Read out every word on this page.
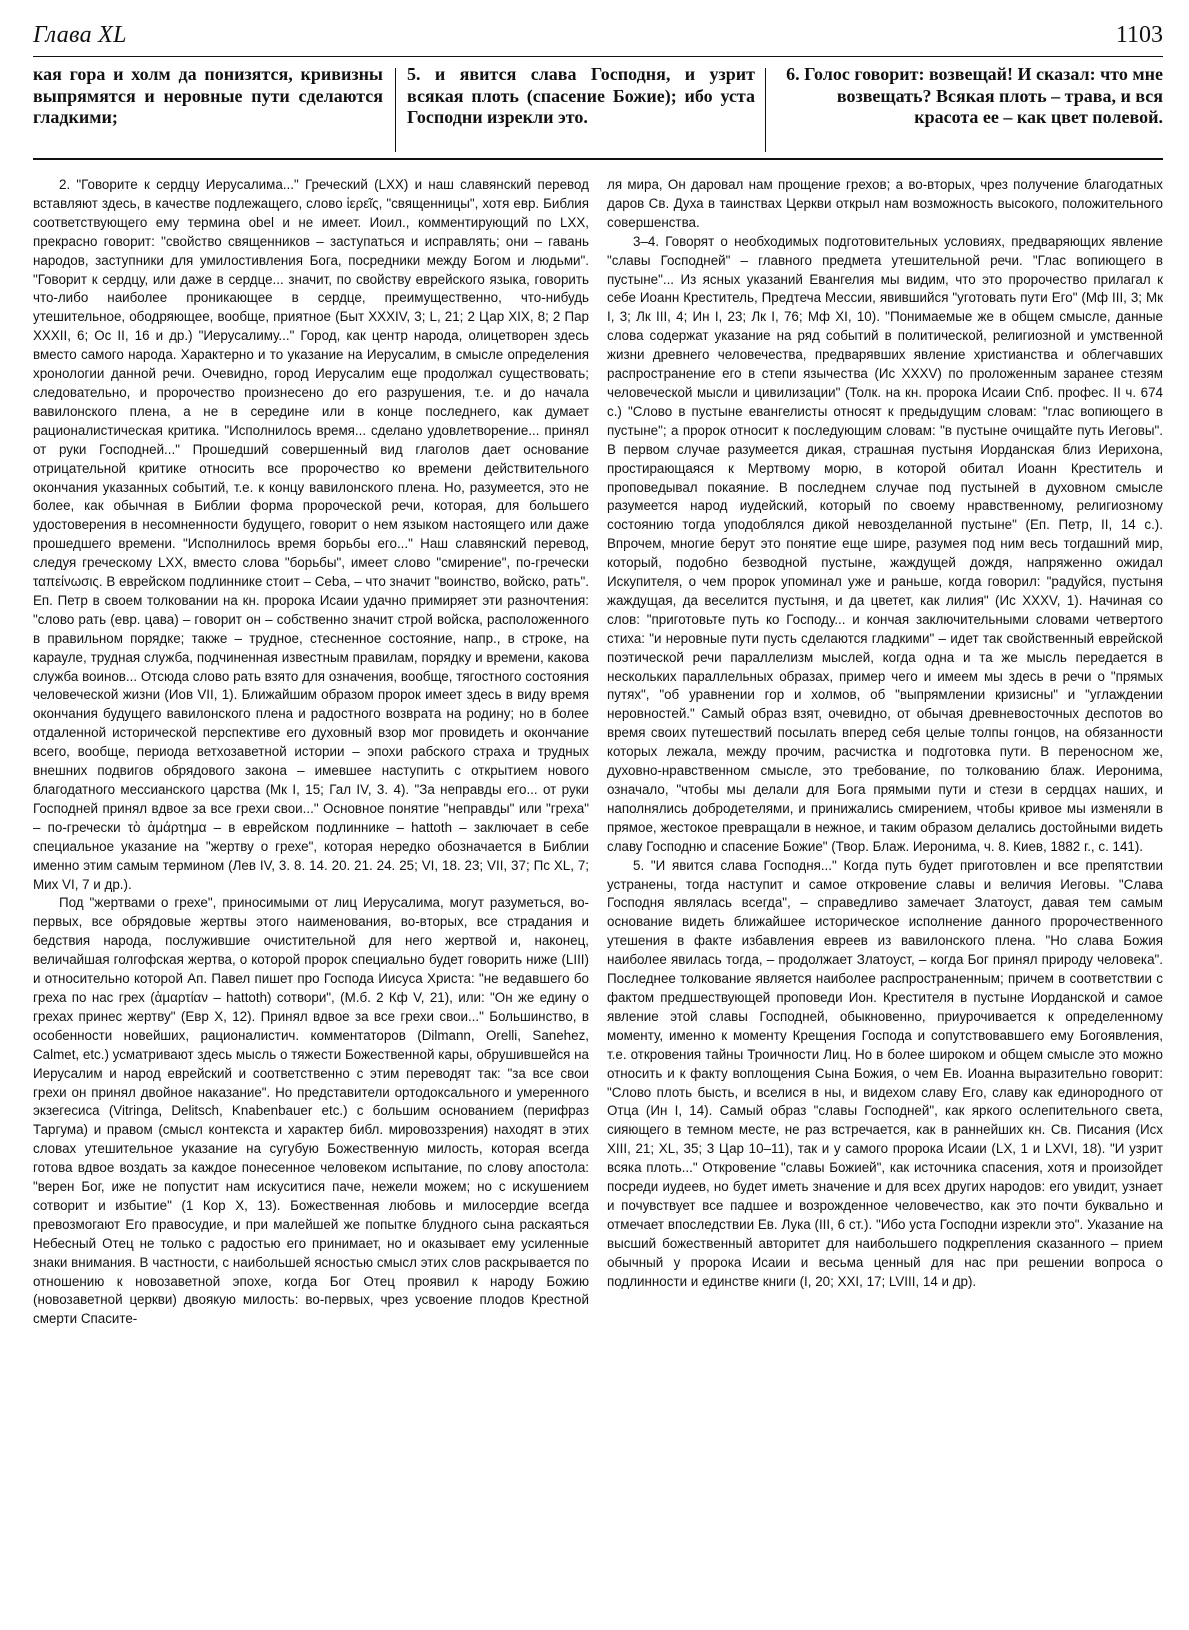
Глава XL	1103
кая гора и холм да понизятся, кривизны выпрямятся и неровные пути сделаются гладкими;
5. и явится слава Господня, и узрит всякая плоть (спасение Божие); ибо уста Господни изрекли это.
6. Голос говорит: возвещай! И сказал: что мне возвещать? Всякая плоть – трава, и вся красота ее – как цвет полевой.

2. "Говорите к сердцу Иерусалима..." Греческий (LXX) и наш славянский перевод вставляют здесь, в качестве подлежащего, слово ἱερεῖς, "священницы", хотя евр. Библия соответствующего ему термина obel и не имеет. Иоил., комментирующий по LXX, прекрасно говорит: "свойство священников – заступаться и исправлять; они – гавань народов, заступники для умилостивления Бога, посредники между Богом и людьми". "Говорит к сердцу, или даже в сердце... значит, по свойству еврейского языка, говорить что-либо наиболее проникающее в сердце, преимущественно, что-нибудь утешительное, ободряющее, вообще, приятное (Быт XXXIV, 3; L, 21; 2 Цар XIX, 8; 2 Пар XXXII, 6; Ос II, 16 и др.) "Иерусалиму..." Город, как центр народа, олицетворен здесь вместо самого народа. Характерно и то указание на Иерусалим, в смысле определения хронологии данной речи. Очевидно, город Иерусалим еще продолжал существовать; следовательно, и пророчество произнесено до его разрушения, т.е. и до начала вавилонского плена, а не в середине или в конце последнего, как думает рационалистическая критика. "Исполнилось время... сделано удовлетворение... принял от руки Господней..." Прошедший совершенный вид глаголов дает основание отрицательной критике относить все пророчество ко времени действительного окончания указанных событий, т.е. к концу вавилонского плена. Но, разумеется, это не более, как обычная в Библии форма пророческой речи, которая, для большего удостоверения в несомненности будущего, говорит о нем языком настоящего или даже прошедшего времени. "Исполнилось время борьбы его..." Наш славянский перевод, следуя греческому LXX, вместо слова "борьбы", имеет слово "смирение", по-гречески ταπείνωσις. В еврейском подлиннике стоит – Ceba, – что значит "воинство, войско, рать". Еп. Петр в своем толковании на кн. пророка Исаии удачно примиряет эти разночтения: "слово рать (евр. цава) – говорит он – собственно значит строй войска, расположенного в правильном порядке; также – трудное, стесненное состояние, напр., в строке, на карауле, трудная служба, подчиненная известным правилам, порядку и времени, какова служба воинов... Отсюда слово рать взято для означения, вообще, тягостного состояния человеческой жизни (Иов VII, 1). Ближайшим образом пророк имеет здесь в виду время окончания будущего вавилонского плена и радостного возврата на родину; но в более отдаленной исторической перспективе его духовный взор мог провидеть и окончание всего, вообще, периода ветхозаветной истории – эпохи рабского страха и трудных внешних подвигов обрядового закона – имевшее наступить с открытием нового благодатного мессианского царства (Мк I, 15; Гал IV, 3. 4). "За неправды его... от руки Господней принял вдвое за все грехи свои..." Основное понятие "неправды" или "греха" – по-гречески τὸ ἁμάρτημα – в еврейском подлиннике – hattoth – заключает в себе специальное указание на "жертву о грехе", которая нередко обозначается в Библии именно этим самым термином (Лев IV, 3. 8. 14. 20. 21. 24. 25; VI, 18. 23; VII, 37; Пс XL, 7; Мих VI, 7 и др.).

Под "жертвами о грехе", приносимыми от лиц Иерусалима, могут разуметься, во-первых, все обрядовые жертвы этого наименования, во-вторых, все страдания и бедствия народа, послужившие очистительной для него жертвой и, наконец, величайшая голгофская жертва, о которой пророк специально будет говорить ниже (LIII) и относительно которой Ап. Павел пишет про Господа Иисуса Христа: "не ведавшего бо греха по нас грех (ἁμαρτίαν – hattoth) сотвори", (М.б. 2 Кф V, 21), или: "Он же едину о грехах принес жертву" (Евр X, 12). Принял вдвое за все грехи свои..." Большинство, в особенности новейших, рационалистич. комментаторов (Dilmann, Orelli, Sanehez, Calmet, etc.) усматривают здесь мысль о тяжести Божественной кары, обрушившейся на Иерусалим и народ еврейский и соответственно с этим переводят так: "за все свои грехи он принял двойное наказание". Но представители ортодоксального и умеренного экзегесиса (Vitringa, Delitsch, Knabenbauer etc.) с большим основанием (перифраз Таргума) и правом (смысл контекста и характер библ. мировоззрения) находят в этих словах утешительное указание на сугубую Божественную милость, которая всегда готова вдвое воздать за каждое понесенное человеком испытание, по слову апостола: "верен Бог, иже не попустит нам искуситися паче, нежели можем; но с искушением сотворит и избытие" (1 Кор X, 13). Божественная любовь и милосердие всегда превозмогают Его правосудие, и при малейшей же попытке блудного сына раскаяться Небесный Отец не только с радостью его принимает, но и оказывает ему усиленные знаки внимания. В частности, с наибольшей ясностью смысл этих слов раскрывается по отношению к новозаветной эпохе, когда Бог Отец проявил к народу Божию (новозаветной церкви) двоякую милость: во-первых, чрез усвоение плодов Крестной смерти Спасите-

ля мира, Он даровал нам прощение грехов; а во-вторых, чрез получение благодатных даров Св. Духа в таинствах Церкви открыл нам возможность высокого, положительного совершенства.

3–4. Говорят о необходимых подготовительных условиях, предваряющих явление "славы Господней" – главного предмета утешительной речи. "Глас вопиющего в пустыне"... Из ясных указаний Евангелия мы видим, что это пророчество прилагал к себе Иоанн Креститель, Предтеча Мессии, явившийся "уготовать пути Его" (Мф III, 3; Мк I, 3; Лк III, 4; Ин I, 23; Лк I, 76; Мф XI, 10). "Понимаемые же в общем смысле, данные слова содержат указание на ряд событий в политической, религиозной и умственной жизни древнего человечества, предварявших явление христианства и облегчавших распространение его в степи язычества (Ис XXXV) по проложенным заранее стезям человеческой мысли и цивилизации" (Толк. на кн. пророка Исаии Спб. профес. II ч. 674 с.) "Слово в пустыне евангелисты относят к предыдущим словам: "глас вопиющего в пустыне"; а пророк относит к последующим словам: "в пустыне очищайте путь Иеговы". В первом случае разумеется дикая, страшная пустыня Иорданская близ Иерихона, простирающаяся к Мертвому морю, в которой обитал Иоанн Креститель и проповедывал покаяние. В последнем случае под пустыней в духовном смысле разумеется народ иудейский, который по своему нравственному, религиозному состоянию тогда уподоблялся дикой невозделанной пустыне" (Еп. Петр, II, 14 с.). Впрочем, многие берут это понятие еще шире, разумея под ним весь тогдашний мир, который, подобно безводной пустыне, жаждущей дождя, напряженно ожидал Искупителя, о чем пророк упоминал уже и раньше, когда говорил: "радуйся, пустыня жаждущая, да веселится пустыня, и да цветет, как лилия" (Ис XXXV, 1). Начиная со слов: "приготовьте путь ко Господу... и кончая заключительными словами четвертого стиха: "и неровные пути пусть сделаются гладкими" – идет так свойственный еврейской поэтической речи параллелизм мыслей, когда одна и та же мысль передается в нескольких параллельных образах, пример чего и имеем мы здесь в речи о "прямых путях", "об уравнении гор и холмов, об "выпрямлении кризисны" и "углаждении неровностей." Самый образ взят, очевидно, от обычая древневосточных деспотов во время своих путешествий посылать вперед себя целые толпы гонцов, на обязанности которых лежала, между прочим, расчистка и подготовка пути. В переносном же, духовно-нравственном смысле, это требование, по толкованию блаж. Иеронима, означало, "чтобы мы делали для Бога прямыми пути и стези в сердцах наших, и наполнялись добродетелями, и принижались смирением, чтобы кривое мы изменяли в прямое, жестокое превращали в нежное, и таким образом делались достойными видеть славу Господню и спасение Божие" (Твор. Блаж. Иеронима, ч. 8. Киев, 1882 г., с. 141).

5. "И явится слава Господня..." Когда путь будет приготовлен и все препятствии устранены, тогда наступит и самое откровение славы и величия Иеговы. "Слава Господня являлась всегда", – справедливо замечает Златоуст, давая тем самым основание видеть ближайшее историческое исполнение данного пророчественного утешения в факте избавления евреев из вавилонского плена. "Но слава Божия наиболее явилась тогда, – продолжает Златоуст, – когда Бог принял природу человека". Последнее толкование является наиболее распространенным; причем в соответствии с фактом предшествующей проповеди Ион. Крестителя в пустыне Иорданской и самое явление этой славы Господней, обыкновенно, приурочивается к определенному моменту, именно к моменту Крещения Господа и сопутствовавшего ему Богоявления, т.е. откровения тайны Троичности Лиц. Но в более широком и общем смысле это можно относить и к факту воплощения Сына Божия, о чем Ев. Иоанна выразительно говорит: "Слово плоть бысть, и вселися в ны, и видехом славу Его, славу как единородного от Отца (Ин I, 14). Самый образ "славы Господней", как яркого ослепительного света, сияющего в темном месте, не раз встречается, как в раннейших кн. Св. Писания (Исх XIII, 21; XL, 35; 3 Цар 10–11), так и у самого пророка Исаии (LX, 1 и LXVI, 18). "И узрит всяка плоть..." Откровение "славы Божией", как источника спасения, хотя и произойдет посреди иудеев, но будет иметь значение и для всех других народов: его увидит, узнает и почувствует все падшее и возрожденное человечество, как это почти буквально и отмечает впоследствии Ев. Лука (III, 6 ст.). "Ибо уста Господни изрекли это". Указание на высший божественный авторитет для наибольшего подкрепления сказанного – прием обычный у пророка Исаии и весьма ценный для нас при решении вопроса о подлинности и единстве книги (I, 20; XXI, 17; LVIII, 14 и др).
